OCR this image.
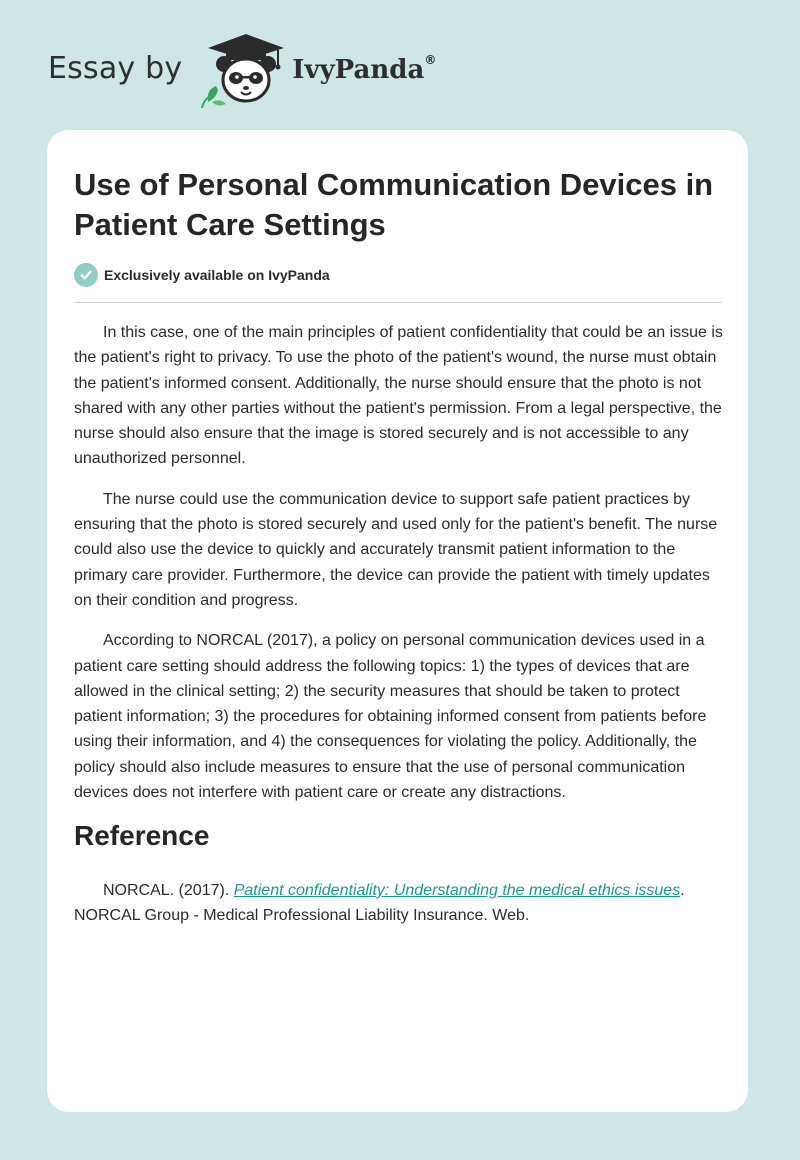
Essay by	IvyPanda®
Use of Personal Communication Devices in Patient Care Settings
Exclusively available on IvyPanda

In this case, one of the main principles of patient confidentiality that could be an issue is the patient's right to privacy. To use the photo of the patient's wound, the nurse must obtain the patient's informed consent. Additionally, the nurse should ensure that the photo is not shared with any other parties without the patient's permission. From a legal perspective, the nurse should also ensure that the image is stored securely and is not accessible to any unauthorized personnel.

The nurse could use the communication device to support safe patient practices by ensuring that the photo is stored securely and used only for the patient's benefit. The nurse could also use the device to quickly and accurately transmit patient information to the primary care provider. Furthermore, the device can provide the patient with timely updates on their condition and progress.

According to NORCAL (2017), a policy on personal communication devices used in a patient care setting should address the following topics: 1) the types of devices that are allowed in the clinical setting; 2) the security measures that should be taken to protect patient information; 3) the procedures for obtaining informed consent from patients before using their information, and 4) the consequences for violating the policy. Additionally, the policy should also include measures to ensure that the use of personal communication devices does not interfere with patient care or create any distractions.

Reference

NORCAL. (2017). Patient confidentiality: Understanding the medical ethics issues. NORCAL Group - Medical Professional Liability Insurance. Web.
